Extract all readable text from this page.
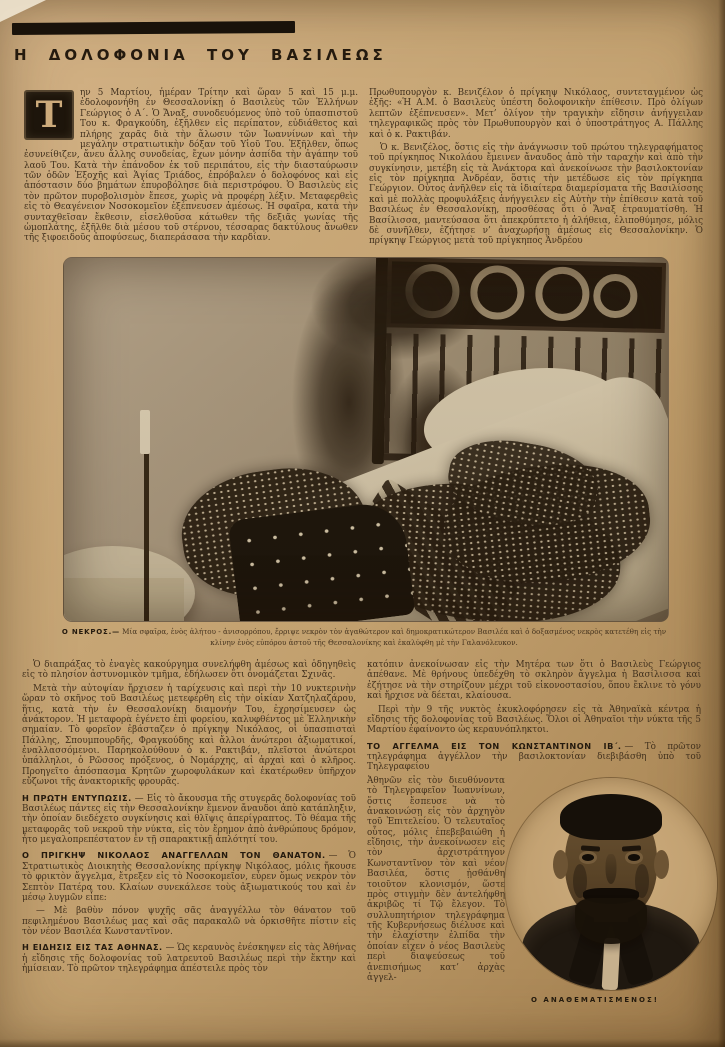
Η ΔΟΛΟΦΟΝΙΑ ΤΟΥ ΒΑΣΙΛΕΩΣ

Τ
ην 5 Μαρτίου, ἡμέραν Τρίτην καὶ ὥραν 5 καὶ 15 μ.μ. ἐδολοφονήθη ἐν Θεσσαλονίκῃ ὁ Βασιλεὺς τῶν Ἑλλήνων Γεώργιος ὁ Α΄. Ὁ Ἄναξ, συνοδευόμενος ὑπὸ τοῦ ὑπασπιστοῦ Του κ. Φραγκούδη, ἐξῆλθεν εἰς περίπατον, εὐδιάθετος καὶ πλήρης χαρᾶς διὰ τὴν ἅλωσιν τῶν Ἰωαννίνων καὶ τὴν μεγάλην στρατιωτικὴν δόξαν τοῦ Υἱοῦ Του. Ἐξῆλθεν, ὅπως ἐσυνείθιζεν, ἄνευ ἄλλης συνοδείας, ἔχων μόνην ἀσπίδα τὴν ἀγάπην τοῦ λαοῦ Του. Κατὰ τὴν ἐπάνοδον ἐκ τοῦ περιπάτου, εἰς τὴν διασταύρωσιν τῶν ὁδῶν Ἐξοχῆς καὶ Ἁγίας Τριάδος, ἐπρόβαλεν ὁ δολοφόνος καὶ εἰς ἀπόστασιν δύο βημάτων ἐπυροβόλησε διὰ περιστρόφου. Ὁ Βασιλεὺς εἰς τὸν πρῶτον πυροβολισμὸν ἔπεσε, χωρὶς νὰ προφέρῃ λέξιν. Μεταφερθεὶς εἰς τὸ Θεαγένειον Νοσοκομεῖον ἐξέπνευσεν ἀμέσως. Ἡ σφαῖρα, κατὰ τὴν συνταχθεῖσαν ἔκθεσιν, εἰσελθοῦσα κάτωθεν τῆς δεξιᾶς γωνίας τῆς ὠμοπλάτης, ἐξῆλθε διὰ μέσου τοῦ στέρνου, τέσσαρας δακτύλους ἄνωθεν τῆς ξιφοειδοῦς ἀποφύσεως, διαπεράσασα τὴν καρδίαν.

Πρωθυπουργὸν κ. Βενιζέλον ὁ πρίγκηψ Νικόλαος, συντεταγμένον ὡς ἑξῆς: «Ἡ Α.Μ. ὁ Βασιλεὺς ὑπέστη δολοφονικὴν ἐπίθεσιν. Πρὸ ὀλίγων λεπτῶν ἐξέπνευσεν». Μετ’ ὀλίγον τὴν τραγικὴν εἴδησιν ἀνήγγειλαν τηλεγραφικῶς πρὸς τὸν Πρωθυπουργὸν καὶ ὁ ὑποστράτηγος Α. Πάλλης καὶ ὁ κ. Ρακτιβάν.

Ὁ κ. Βενιζέλος, ὅστις εἰς τὴν ἀνάγνωσιν τοῦ πρώτου τηλεγραφήματος τοῦ πρίγκηπος Νικολάου ἔμεινεν ἄναυδος ἀπὸ τὴν ταραχὴν καὶ ἀπὸ τὴν συγκίνησιν, μετέβη εἰς τὰ Ἀνάκτορα καὶ ἀνεκοίνωσε τὴν βασιλοκτονίαν εἰς τὸν πρίγκηπα Ἀνδρέαν, ὅστις τὴν μετέδωσε εἰς τὸν πρίγκηπα Γεώργιον. Οὗτος ἀνῆλθεν εἰς τὰ ἰδιαίτερα διαμερίσματα τῆς Βασιλίσσης καὶ μὲ πολλὰς προφυλάξεις ἀνήγγειλεν εἰς Αὐτὴν τὴν ἐπίθεσιν κατὰ τοῦ Βασιλέως ἐν Θεσσαλονίκῃ, προσθέσας ὅτι ὁ Ἄναξ ἐτραυματίσθη. Ἡ Βασίλισσα, μαντεύσασα ὅτι ἀπεκρύπτετο ἡ ἀλήθεια, ἐλιποθύμησε, μόλις δὲ συνῆλθεν, ἐζήτησε ν’ ἀναχωρήσῃ ἀμέσως εἰς Θεσσαλονίκην. Ὁ πρίγκηψ Γεώργιος μετὰ τοῦ πρίγκηπος Ἀνδρέου

Ο ΝΕΚΡΟΣ.— Μία σφαῖρα, ἑνὸς ἀλήτου - ἀνισορρόπου, ἔρριψε νεκρὸν τὸν ἀγαθώτερον καὶ δημοκρατικώτερον Βασιλέα καὶ ὁ δοξασμένος νεκρὸς κατετέθη εἰς τὴν κλίνην ἑνὸς εὐπόρου ἀστοῦ τῆς Θεσσαλονίκης καὶ ἐκαλύφθη μὲ τὴν Γαλανόλευκον.

Ὁ διαπράξας τὸ ἐναγὲς κακούργημα συνελήφθη ἀμέσως καὶ ὁδηγηθεὶς εἰς τὸ πλησίον ἀστυνομικὸν τμῆμα, ἐδήλωσεν ὅτι ὀνομάζεται Σχινᾶς.

Μετὰ τὴν αὐτοψίαν ἤρχισεν ἡ ταρίχευσις καὶ περὶ τὴν 10 νυκτερινὴν ὥραν τὸ σκῆνος τοῦ Βασιλέως μετεφέρθη εἰς τὴν οἰκίαν Χατζηλαζάρου, ἥτις, κατὰ τὴν ἐν Θεσσαλονίκῃ διαμονήν Του, ἐχρησίμευσεν ὡς ἀνάκτορον. Ἡ μεταφορὰ ἐγένετο ἐπὶ φορείου, καλυφθέντος μὲ Ἑλληνικὴν σημαίαν. Τὸ φορεῖον ἐβάσταζεν ὁ πρίγκηψ Νικόλαος, οἱ ὑπασπισταὶ Πάλλης, Σπουμπουρδῆς, Φραγκούδης καὶ ἄλλοι ἀνώτεροι ἀξιωματικοί, ἐναλλασσόμενοι. Παρηκολούθουν ὁ κ. Ρακτιβάν, πλεῖστοι ἀνώτεροι ὑπάλληλοι, ὁ Ρῶσσος πρόξενος, ὁ Νομάρχης, αἱ ἀρχαὶ καὶ ὁ κλῆρος. Προηγεῖτο ἀπόσπασμα Κρητῶν χωροφυλάκων καὶ ἑκατέρωθεν ὑπῆρχον εὔζωνοι τῆς ἀνακτορικῆς φρουρᾶς.

Η ΠΡΩΤΗ ΕΝΤΥΠΩΣΙΣ. — Εἰς τὸ ἄκουσμα τῆς στυγερᾶς δολοφονίας τοῦ Βασιλέως πάντες εἰς τὴν Θεσσαλονίκην ἔμενον ἄναυδοι ἀπὸ κατάπληξιν, τὴν ὁποίαν διεδέχετο συγκίνησις καὶ θλῖψις ἀπερίγραπτος. Τὸ θέαμα τῆς μεταφορᾶς τοῦ νεκροῦ τὴν νύκτα, εἰς τὸν ἔρημον ἀπὸ ἀνθρώπους δρόμον, ἦτο μεγαλοπρεπέστατον ἐν τῇ σπαρακτικῇ ἁπλότητί του.

Ο ΠΡΙΓΚΗΨ ΝΙΚΟΛΑΟΣ ΑΝΑΓΓΕΛΛΩΝ ΤΟΝ ΘΑΝΑΤΟΝ. — Ὁ Στρατιωτικὸς Διοικητὴς Θεσσαλονίκης πρίγκηψ Νικόλαος, μόλις ἤκουσε τὸ φρικτὸν ἄγγελμα, ἔτρεξεν εἰς τὸ Νοσοκομεῖον, εὗρεν ὅμως νεκρὸν τὸν Σεπτὸν Πατέρα του. Κλαίων συνεκάλεσε τοὺς ἀξιωματικούς του καὶ ἐν μέσῳ λυγμῶν εἶπε:

— Μὲ βαθὺν πόνον ψυχῆς σᾶς ἀναγγέλλω τὸν θάνατον τοῦ πεφιλημένου Βασιλέως μας καὶ σᾶς παρακαλῶ νὰ ὁρκισθῆτε πίστιν εἰς τὸν νέον Βασιλέα Κωνσταντῖνον.

Η ΕΙΔΗΣΙΣ ΕΙΣ ΤΑΣ ΑΘΗΝΑΣ. — Ὡς κεραυνὸς ἐνέσκηψεν εἰς τὰς Ἀθήνας ἡ εἴδησις τῆς δολοφονίας τοῦ λατρευτοῦ Βασιλέως περὶ τὴν ἕκτην καὶ ἡμίσειαν. Τὸ πρῶτον τηλεγράφημα ἀπέστειλε πρὸς τὸν

κατόπιν ἀνεκοίνωσαν εἰς τὴν Μητέρα των ὅτι ὁ Βασιλεὺς Γεώργιος ἀπέθανε. Μὲ θρήνους ὑπεδέχθη τὸ σκληρὸν ἄγγελμα ἡ Βασίλισσα καὶ ἐζήτησε νὰ τὴν στηρίζουν μέχρι τοῦ εἰκονοστασίου, ὅπου ἔκλινε τὸ γόνυ καὶ ἤρχισε νὰ δέεται, κλαίουσα.

Περὶ τὴν 9 τῆς νυκτὸς ἐκυκλοφόρησεν εἰς τὰ Ἀθηναϊκὰ κέντρα ἡ εἴδησις τῆς δολοφονίας τοῦ Βασιλέως. Ὅλοι οἱ Ἀθηναῖοι τὴν νύκτα τῆς 5 Μαρτίου ἐφαίνοντο ὡς κεραυνόπληκτοι.

ΤΟ ΑΓΓΕΛΜΑ ΕΙΣ ΤΟΝ ΚΩΝΣΤΑΝΤΙΝΟΝ ΙΒ΄. — Τὸ πρῶτον τηλεγράφημα ἀγγέλλον τὴν βασιλοκτονίαν διεβιβάσθη ὑπὸ τοῦ Τηλεγραφείου

Ἀθηνῶν εἰς τὸν διευθύνοντα τὸ Τηλεγραφεῖον Ἰωαννίνων, ὅστις ἔσπευσε νὰ τὸ ἀνακοινώσῃ εἰς τὸν ἀρχηγὸν τοῦ Ἐπιτελείου. Ὁ τελευταῖος οὗτος, μόλις ἐπεβεβαιώθη ἡ εἴδησις, τὴν ἀνεκοίνωσεν εἰς τὸν ἀρχιστράτηγον Κωνσταντῖνον τὸν καὶ νέον Βασιλέα, ὅστις ᾐσθάνθη τοιοῦτον κλονισμόν, ὥστε πρὸς στιγμὴν δὲν ἀντελήφθη ἀκριβῶς τί Τῷ ἔλεγον. Τὸ συλλυπητήριον τηλεγράφημα τῆς Κυβερνήσεως διέλυσε καὶ τὴν ἐλαχίστην ἐλπίδα τὴν ὁποίαν εἶχεν ὁ νέος Βασιλεὺς περὶ διαψεύσεως τοῦ ἀνεπισήμως κατ’ ἀρχὰς ἀγγελ-

Ο ΑΝΑΘΕΜΑΤΙΣΜΕΝΟΣ!
